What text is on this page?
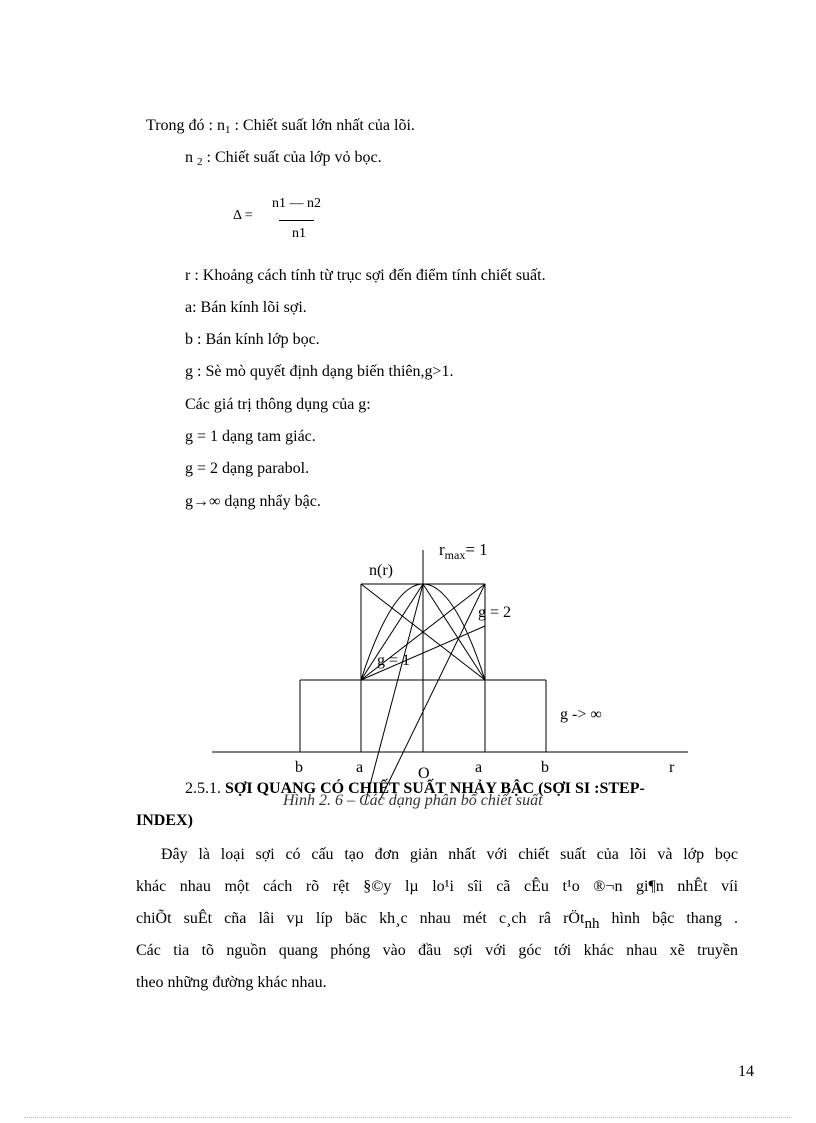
Trong đó : $n_1$ : Chiết suất lớn nhất của lõi.
n $_2$ : Chiết suất của lớp vỏ bọc.
Δ =
n1 — n2
n1
r : Khoảng cách tính từ trục sợi đến điểm tính chiết suất.
a: Bán kính lõi sợi.
b : Bán kính lớp bọc.
g : Sè mò quyết định dạng biến thiên,g>1.
Các giá trị thông dụng của g:
g = 1 dạng tam giác.
g = 2 dạng parabol.
g→∞ dạng nhẩy bậc.
n(r)
$r_{max}= 1$
g = 2
g = 1
g -> ∞
r
b	a	O	a	b
Hình 2. 6 – Các dạng phân bố chiết suất
2.5.1. SỢI QUANG CÓ CHIẾT SUẤT NHẢY BẬC (SỢI SI :STEP-
INDEX)
Đây là loại sợi có cấu tạo đơn giản nhất với chiết suất của lõi và lớp bọc
khác nhau một cách rõ rệt §©y lµ lo¹i sîi cã cÊu t¹o ®¬n gi¶n nhÊt víi
chiÕt suÊt cña lâi vµ líp bäc kh¸c nhau mét c¸ch râ rÖt$_{nh}$ hình bậc thang .
Các tia tõ nguồn quang phóng vào đầu sợi với góc tới khác nhau xẽ truyền
theo những đường khác nhau.
14
